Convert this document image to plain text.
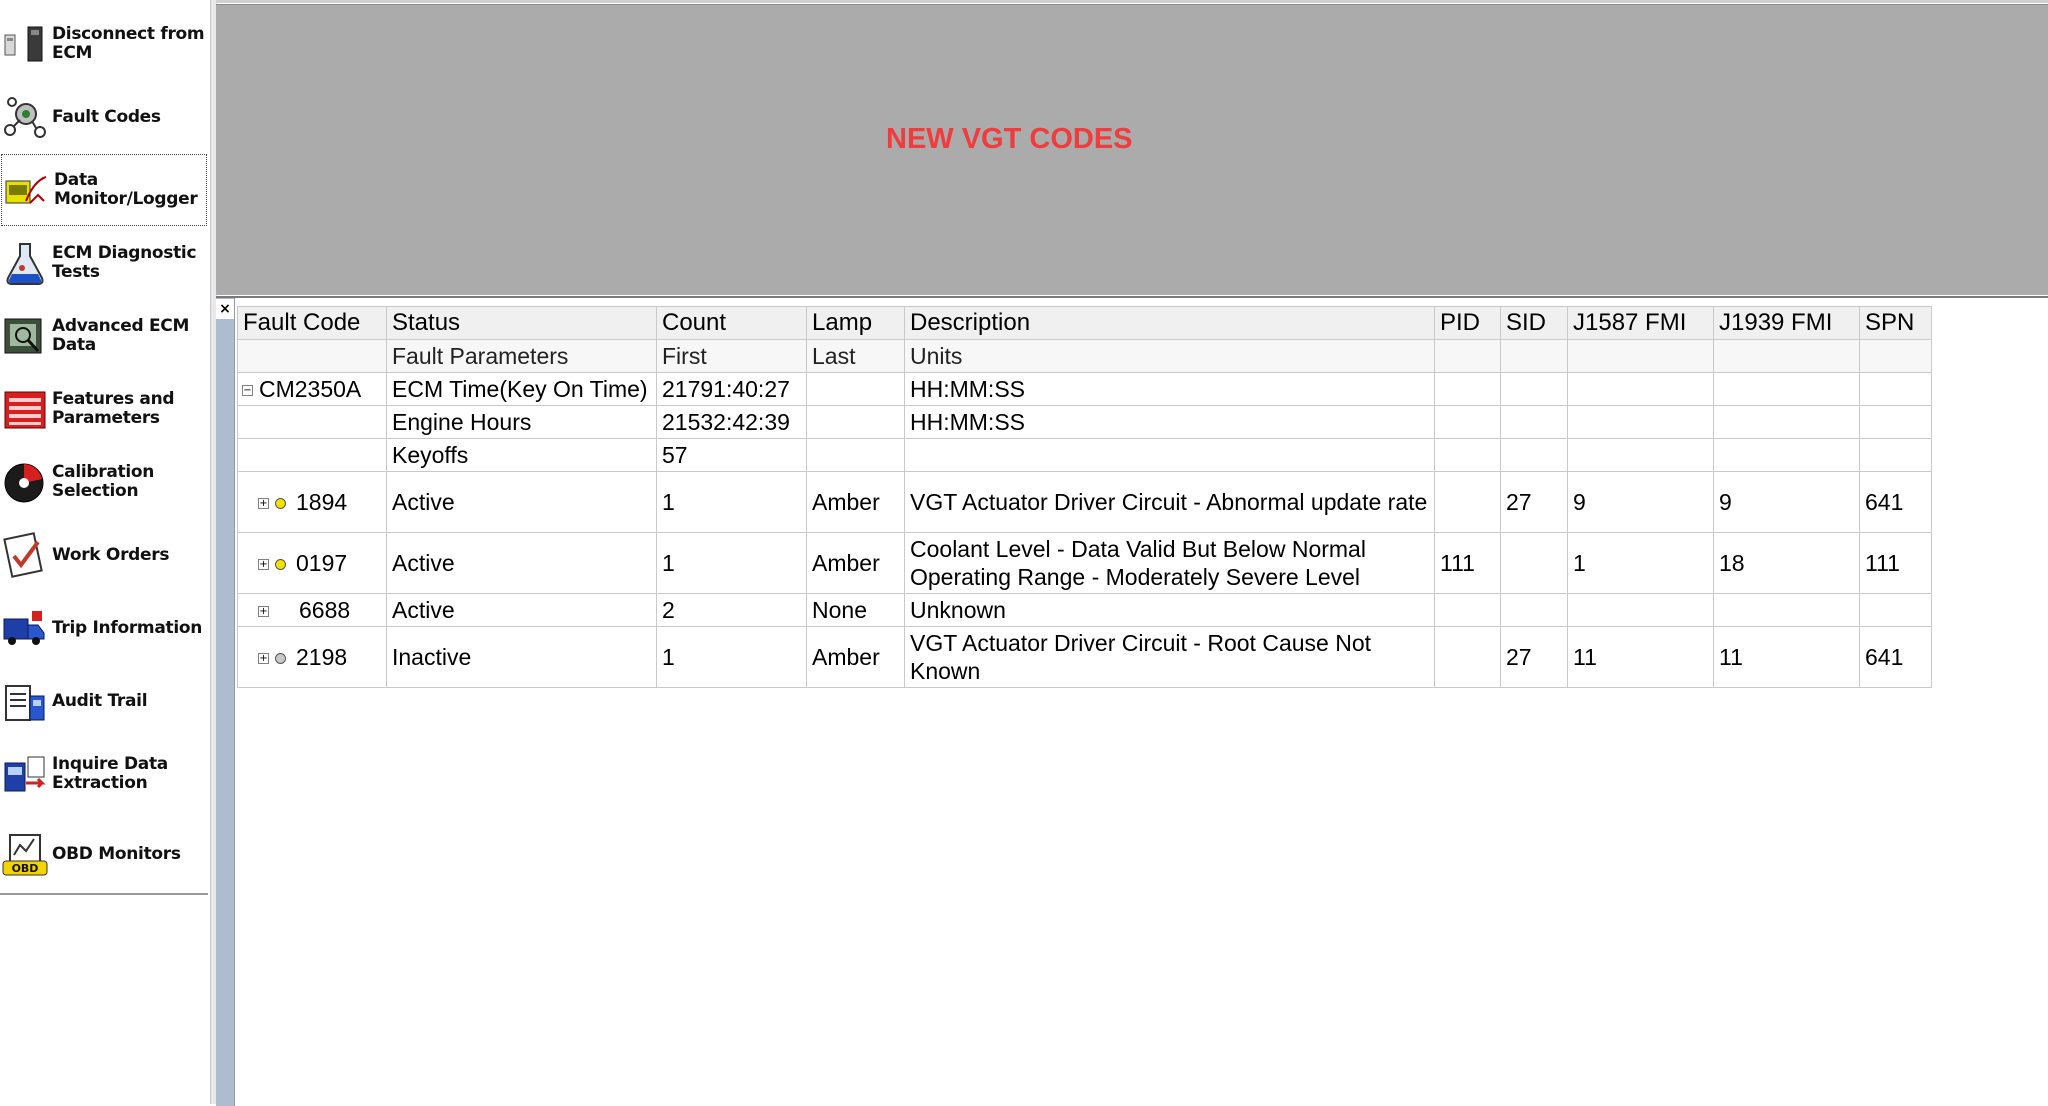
Disconnect from
ECM
Fault Codes
Data
Monitor/Logger
ECM Diagnostic
Tests
Advanced ECM
Data
Features and
Parameters
Calibration
Selection
Work Orders
Trip Information
Audit Trail
Inquire Data
Extraction
OBD
OBD Monitors
NEW VGT CODES
× Fault Code	Status	Count	Lamp	Description	PID	SID	J1587 FMI	J1939 FMI	SPN
	Fault Parameters	First	Last	Units					
− CM2350A	ECM Time(Key On Time)	21791:40:27		HH:MM:SS					
	Engine Hours	21532:42:39		HH:MM:SS					
	Keyoffs	57							
+ 1894	Active	1	Amber	VGT Actuator Driver Circuit - Abnormal update rate		27	9	9	641
+ 0197	Active	1	Amber	Coolant Level - Data Valid But Below Normal Operating Range - Moderately Severe Level	111		1	18	111
+ 6688	Active	2	None	Unknown					
+ 2198	Inactive	1	Amber	VGT Actuator Driver Circuit - Root Cause Not Known		27	11	11	641
